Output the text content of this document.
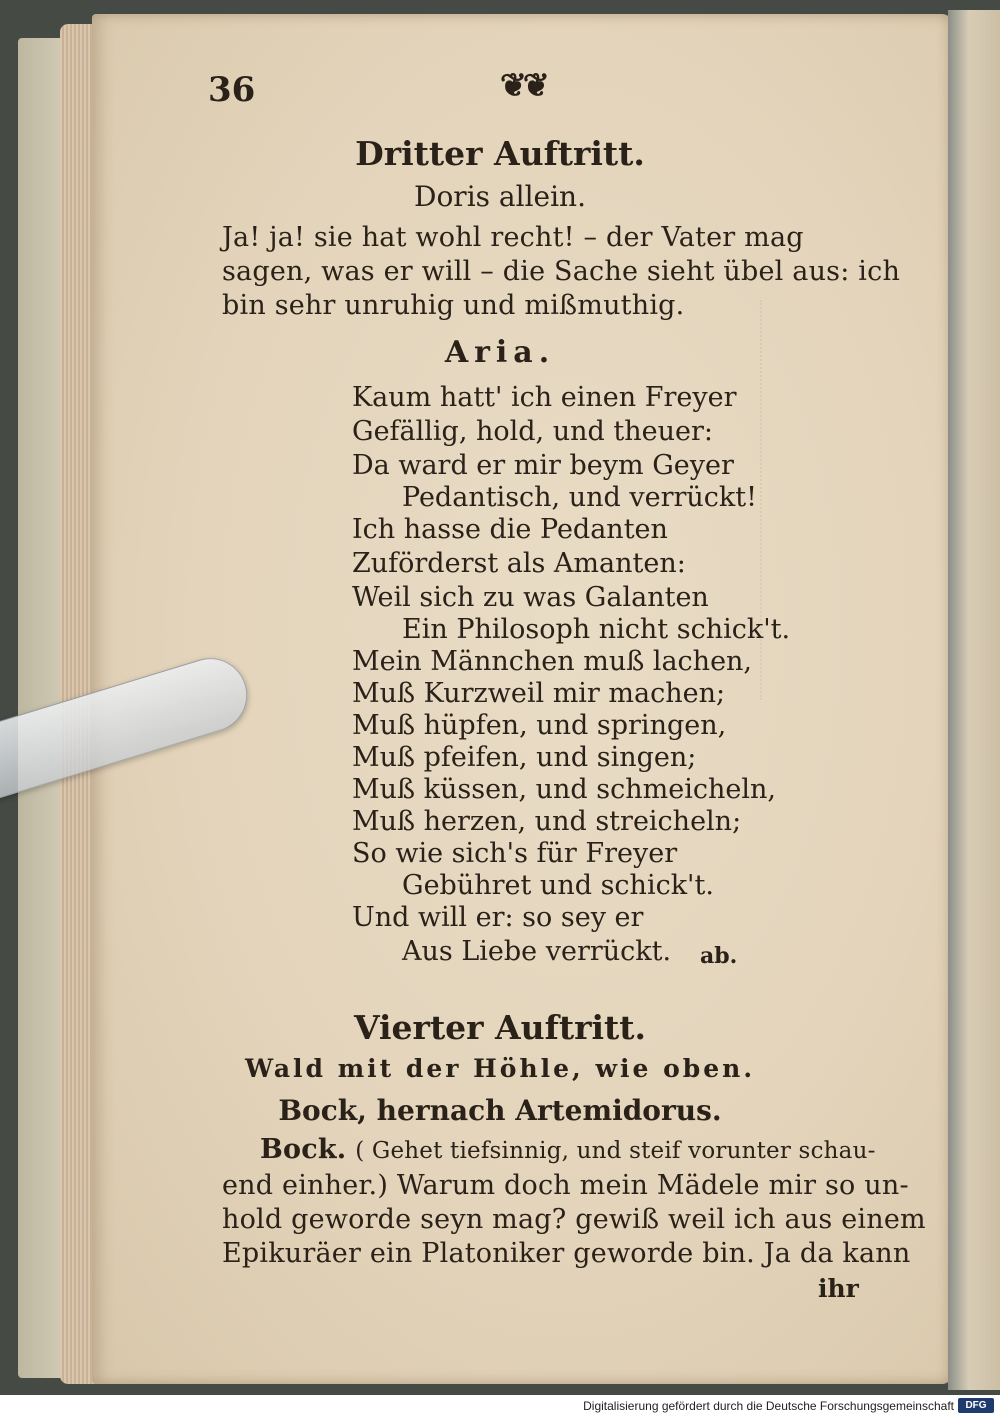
36	❦❦
Dritter Auftritt.
Doris allein.
Ja! ja! sie hat wohl recht! – der Vater mag
sagen, was er will – die Sache sieht übel aus: ich
bin sehr unruhig und mißmuthig.
Aria.
Kaum hatt' ich einen Freyer
Gefällig, hold, und theuer:
Da ward er mir beym Geyer
Pedantisch, und verrückt!
Ich hasse die Pedanten
Zuförderst als Amanten:
Weil sich zu was Galanten
Ein Philosoph nicht schick't.
Mein Männchen muß lachen,
Muß Kurzweil mir machen;
Muß hüpfen, und springen,
Muß pfeifen, und singen;
Muß küssen, und schmeicheln,
Muß herzen, und streicheln;
So wie sich's für Freyer
Gebühret und schick't.
Und will er: so sey er
Aus Liebe verrückt. ab.
Vierter Auftritt.
Wald mit der Höhle, wie oben.
Bock, hernach Artemidorus.
Bock. ( Gehet tiefsinnig, und steif vorunter schau-
end einher.) Warum doch mein Mädele mir so un-
hold geworde seyn mag? gewiß weil ich aus einem
Epikuräer ein Platoniker geworde bin. Ja da kann
ihr
Digitalisierung gefördert durch die Deutsche Forschungsgemeinschaft	DFG
